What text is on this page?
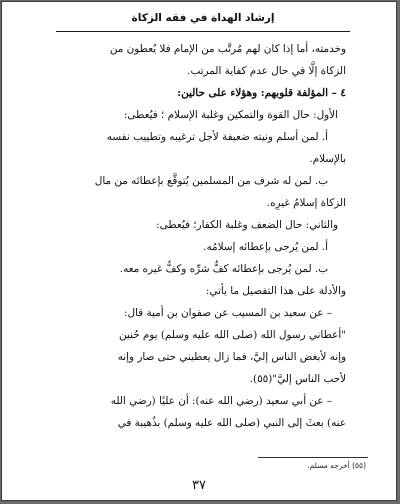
إرشاد الهداة في فقه الزكاة
وخدمته، أما إذا كان لهم مُرتَّب من الإمام فلا يُعطون من
الزكاة إلَّا في حال عدم كفاية المرتب.
٤ – المؤلفة قلوبهم: وهؤلاء على حالين:
الأول: حال القوة والتمكين وغلبة الإسلام ؛ فيُعطى:
أ. لمن أسلم ونيته ضعيفة لأجل ترغيبه وتطييب نفسه
بالإسلام.
ب. لمن له شرف من المسلمين يُتوقَّع بإعطائه من مال
الزكاة إسلامُ غيرِه.
والثاني: حال الضعف وغلبة الكفار؛ فيُعطى:
أ. لمن يُرجى بإعطائه إسلامُه.
ب. لمن يُرجى بإعطائه كفُّ شرِّه وكفُّ غيره معه.
والأدلة على هذا التفصيل ما يأتي:
– عن سعيد بن المسيب عن صفوان بن أمية قال:
"أعطاني رسول الله (صلى الله عليه وسلم) يوم حُنين
وإنه لأبغض الناس إليَّ، فما زال يعطيني حتى صار وإنه
لأحب الناس إليَّ"(٥٥).
– عن أبي سعيد (رضي الله عنه): أن عليًا (رضي الله
عنه) بعثَ إلى النبي (صلى الله عليه وسلم) بذُهيبة في
(٥٥) أخرجه مسلم.
٣٧
